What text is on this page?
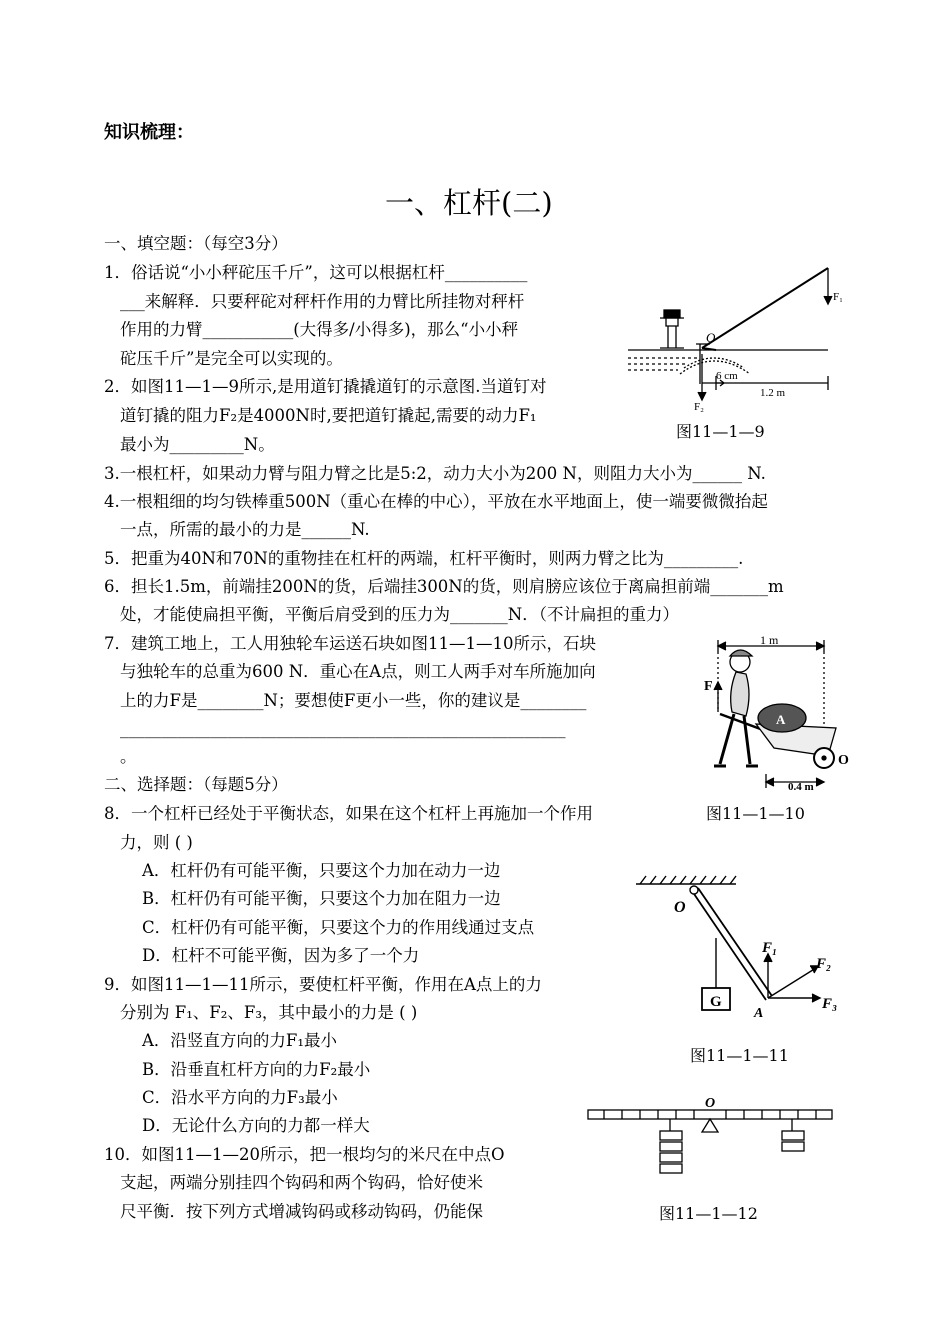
知识梳理：
一、杠杆(二)
一、填空题：（每空3分）
1．俗话说“小小秤砣压千斤”，这可以根据杠杆__________
___来解释．只要秤砣对秤杆作用的力臂比所挂物对秤杆
作用的力臂___________(大得多/小得多)，那么“小小秤
砣压千斤”是完全可以实现的。
2．如图11—1—9所示,是用道钉撬撬道钉的示意图.当道钉对
道钉撬的阻力F₂是4000N时,要把道钉撬起,需要的动力F₁
最小为_________N。
3.一根杠杆，如果动力臂与阻力臂之比是5:2，动力大小为200 N，则阻力大小为______ N.
4.一根粗细的均匀铁棒重500N（重心在棒的中心），平放在水平地面上，使一端要微微抬起
一点，所需的最小的力是______N.
5．把重为40N和70N的重物挂在杠杆的两端，杠杆平衡时，则两力臂之比为_________.
6．担长1.5m，前端挂200N的货，后端挂300N的货，则肩膀应该位于离扁担前端_______m
处，才能使扁担平衡，平衡后肩受到的压力为_______N．（不计扁担的重力）
7．建筑工地上，工人用独轮车运送石块如图11—1—10所示，石块
与独轮车的总重为600 N．重心在A点，则工人两手对车所施加向
上的力F是________N；要想使F更小一些，你的建议是________
______________________________________________________
。
二、选择题：（每题5分）
8．一个杠杆已经处于平衡状态，如果在这个杠杆上再施加一个作用
力，则 ( )
A．杠杆仍有可能平衡，只要这个力加在动力一边
B．杠杆仍有可能平衡，只要这个力加在阻力一边
C．杠杆仍有可能平衡，只要这个力的作用线通过支点
D．杠杆不可能平衡，因为多了一个力
9．如图11—1—11所示，要使杠杆平衡，作用在A点上的力
分别为 F₁、F₂、F₃，其中最小的力是 ( )
A．沿竖直方向的力F₁最小
B．沿垂直杠杆方向的力F₂最小
C．沿水平方向的力F₃最小
D．无论什么方向的力都一样大
10．如图11—1—20所示，把一根均匀的米尺在中点O
支起，两端分别挂四个钩码和两个钩码，恰好使米
尺平衡．按下列方式增减钩码或移动钩码，仍能保
O
F₁
F₂
6 cm
1.2 m
图11—1—9
1 m
F
A
O
0.4 m
图11—1—10
O
G
A
F₁
F₂
F₃
图11—1—11
O
图11—1—12
